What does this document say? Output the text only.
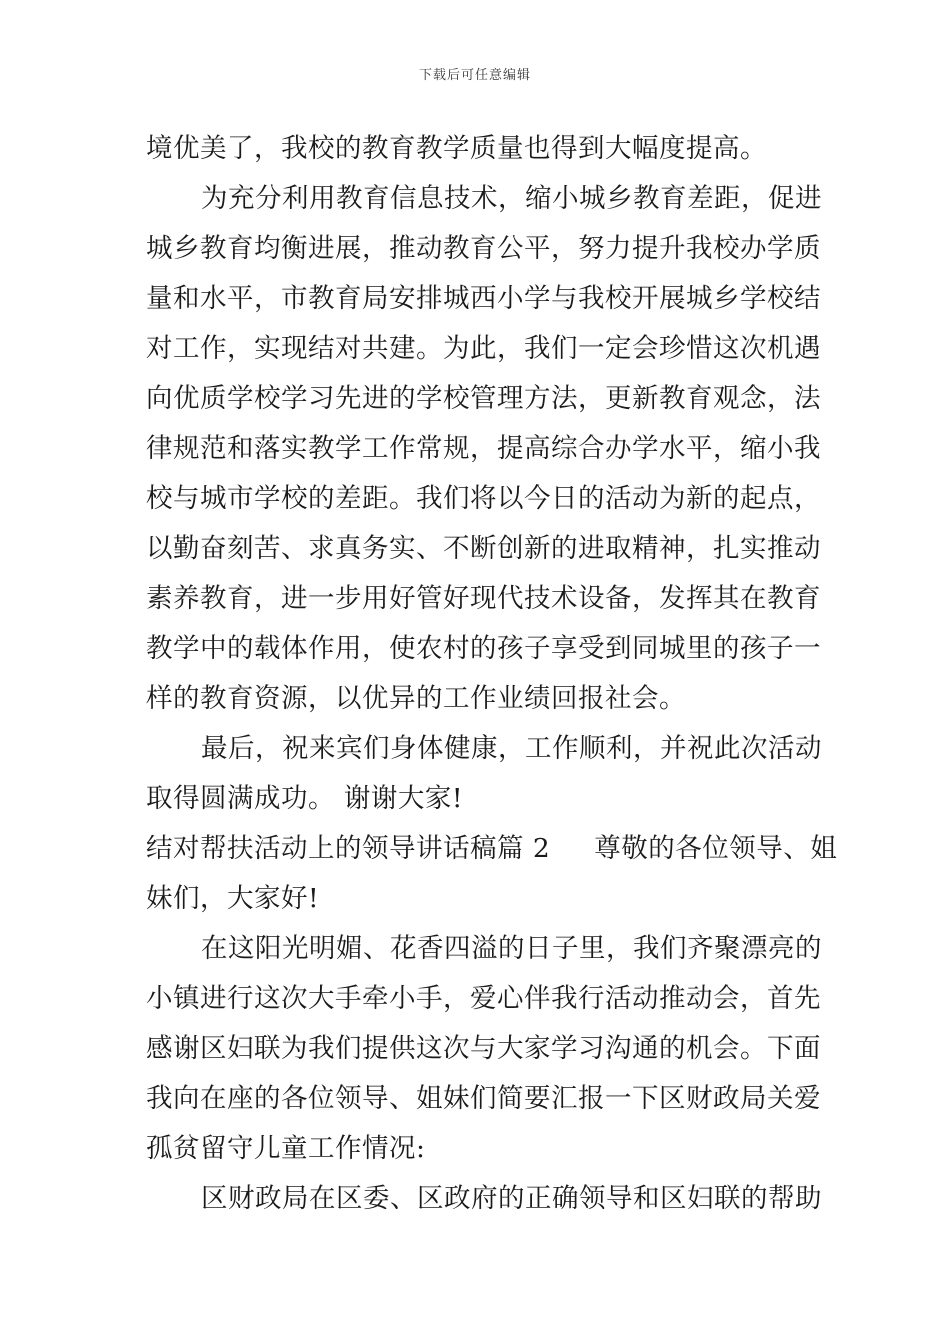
下载后可任意编辑
境优美了，我校的教育教学质量也得到大幅度提高。
为充分利用教育信息技术，缩小城乡教育差距，促进
城乡教育均衡进展，推动教育公平，努力提升我校办学质
量和水平，市教育局安排城西小学与我校开展城乡学校结
对工作，实现结对共建。为此，我们一定会珍惜这次机遇
向优质学校学习先进的学校管理方法，更新教育观念，法
律规范和落实教学工作常规，提高综合办学水平，缩小我
校与城市学校的差距。我们将以今日的活动为新的起点，
以勤奋刻苦、求真务实、不断创新的进取精神，扎实推动
素养教育，进一步用好管好现代技术设备，发挥其在教育
教学中的载体作用，使农村的孩子享受到同城里的孩子一
样的教育资源，以优异的工作业绩回报社会。
最后，祝来宾们身体健康，工作顺利，并祝此次活动
取得圆满成功。 谢谢大家!
结对帮扶活动上的领导讲话稿篇 2 尊敬的各位领导、姐
妹们，大家好!
在这阳光明媚、花香四溢的日子里，我们齐聚漂亮的
小镇进行这次大手牵小手，爱心伴我行活动推动会，首先
感谢区妇联为我们提供这次与大家学习沟通的机会。下面
我向在座的各位领导、姐妹们简要汇报一下区财政局关爱
孤贫留守儿童工作情况:
区财政局在区委、区政府的正确领导和区妇联的帮助
